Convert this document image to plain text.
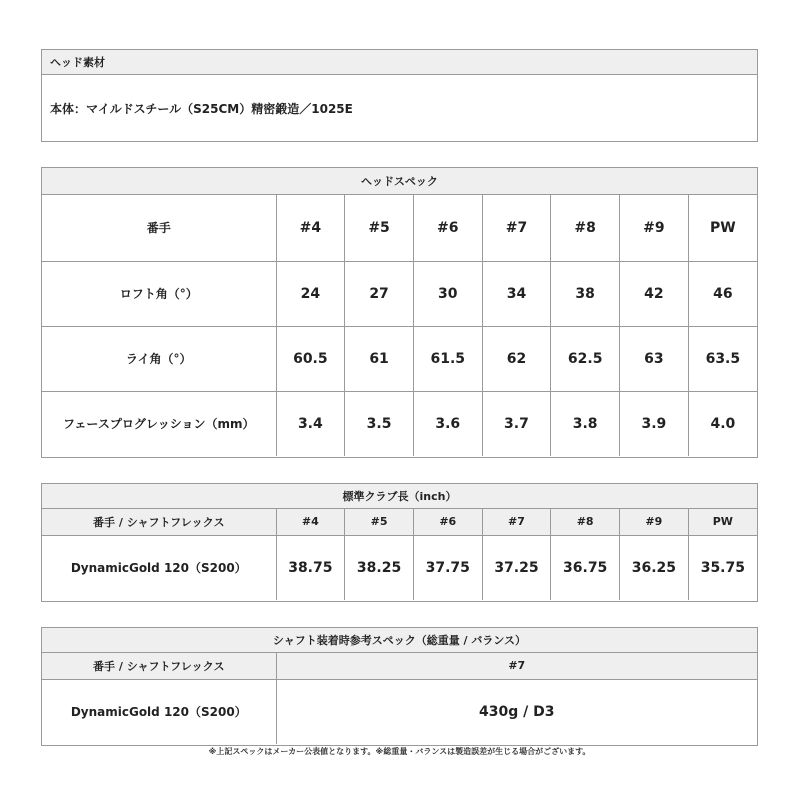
ヘッド素材
本体：マイルドスチール（S25CM）精密鍛造／1025E
ヘッドスペック
番手	#4	#5	#6	#7	#8	#9	PW
ロフト角（°）	24	27	30	34	38	42	46
ライ角（°）	60.5	61	61.5	62	62.5	63	63.5
フェースプログレッション（mm）	3.4	3.5	3.6	3.7	3.8	3.9	4.0
標準クラブ長（inch）
番手 / シャフトフレックス	#4	#5	#6	#7	#8	#9	PW
DynamicGold 120（S200）	38.75	38.25	37.75	37.25	36.75	36.25	35.75
シャフト装着時参考スペック（総重量 / バランス）
番手 / シャフトフレックス	#7
DynamicGold 120（S200）	430g / D3
※上記スペックはメーカー公表値となります。※総重量・バランスは製造誤差が生じる場合がございます。
